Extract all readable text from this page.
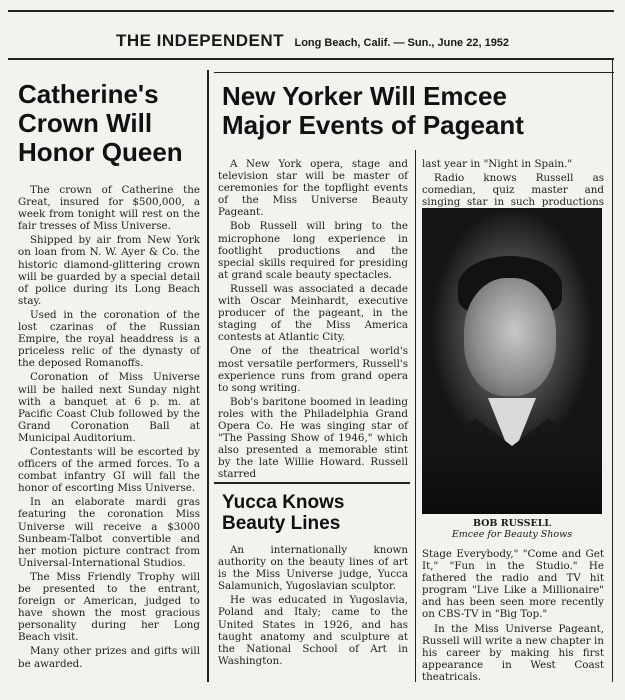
THE INDEPENDENT Long Beach, Calif. — Sun., June 22, 1952
Catherine's
Crown Will
Honor Queen

The crown of Catherine the Great, insured for $500,000, a week from tonight will rest on the fair tresses of Miss Universe.

Shipped by air from New York on loan from N. W. Ayer & Co. the historic diamond-glittering crown will be guarded by a special detail of police during its Long Beach stay.

Used in the coronation of the lost czarinas of the Russian Empire, the royal headdress is a priceless relic of the dynasty of the deposed Romanoffs.

Coronation of Miss Universe will be hailed next Sunday night with a banquet at 6 p. m. at Pacific Coast Club followed by the Grand Coronation Ball at Municipal Auditorium.

Contestants will be escorted by officers of the armed forces. To a combat infantry GI will fall the honor of escorting Miss Universe.

In an elaborate mardi gras featuring the coronation Miss Universe will receive a $3000 Sunbeam-Talbot convertible and her motion picture contract from Universal-International Studios.

The Miss Friendly Trophy will be presented to the entrant, foreign or American, judged to have shown the most gracious personality during her Long Beach visit.

Many other prizes and gifts will be awarded.

New Yorker Will Emcee
Major Events of Pageant

A New York opera, stage and television star will be master of ceremonies for the topflight events of the Miss Universe Beauty Pageant.

Bob Russell will bring to the microphone long experience in footlight productions and the special skills required for presiding at grand scale beauty spectacles.

Russell was associated a decade with Oscar Meinhardt, executive producer of the pageant, in the staging of the Miss America contests at Atlantic City.

One of the theatrical world's most versatile performers, Russell's experience runs from grand opera to song writing.

Bob's baritone boomed in leading roles with the Philadelphia Grand Opera Co. He was singing star of "The Passing Show of 1946," which also presented a memorable stint by the late Willie Howard. Russell starred

last year in "Night in Spain."

Radio knows Russell as comedian, quiz master and singing star in such productions

BOB RUSSELL
Emcee for Beauty Shows

Stage Everybody," "Come and Get It," "Fun in the Studio." He fathered the radio and TV hit program "Live Like a Millionaire" and has been seen more recently on CBS-TV in "Big Top."

In the Miss Universe Pageant, Russell will write a new chapter in his career by making his first appearance in West Coast theatricals.

Yucca Knows
Beauty Lines

An internationally known authority on the beauty lines of art is the Miss Universe judge, Yucca Salamunich, Yugoslavian sculptor.

He was educated in Yugoslavia, Poland and Italy; came to the United States in 1926, and has taught anatomy and sculpture at the National School of Art in Washington.
